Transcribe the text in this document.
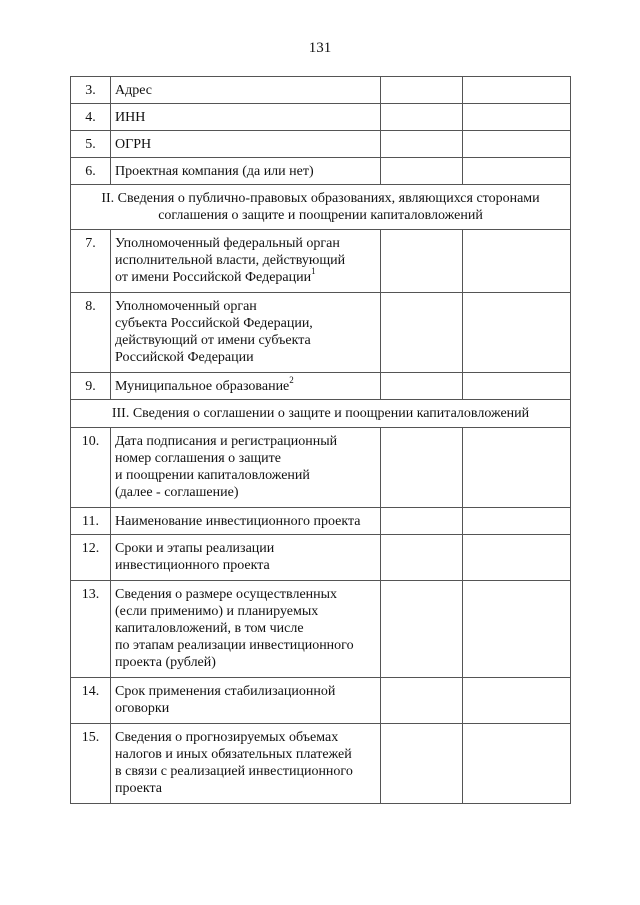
131
3.	Адрес		
4.	ИНН		
5.	ОГРН		
6.	Проектная компания (да или нет)		

II. Сведения о публично-правовых образованиях, являющихся сторонами
соглашения о защите и поощрении капиталовложений			

7.	Уполномоченный федеральный орган
исполнительной власти, действующий
от имени Российской Федерации$^1$

8.	Уполномоченный орган
субъекта Российской Федерации,
действующий от имени субъекта
Российской Федерации		

9.	Муниципальное образование$^2$		

III. Сведения о соглашении о защите и поощрении капиталовложений			

10.	Дата подписания и регистрационный
номер соглашения о защите
и поощрении капиталовложений
(далее - соглашение)		

11.	Наименование инвестиционного проекта		
12.	Сроки и этапы реализации
инвестиционного проекта		

13.	Сведения о размере осуществленных
(если применимо) и планируемых
капиталовложений, в том числе
по этапам реализации инвестиционного
проекта (рублей)		

14.	Срок применения стабилизационной
оговорки		

15.	Сведения о прогнозируемых объемах
налогов и иных обязательных платежей
в связи с реализацией инвестиционного
проекта		
